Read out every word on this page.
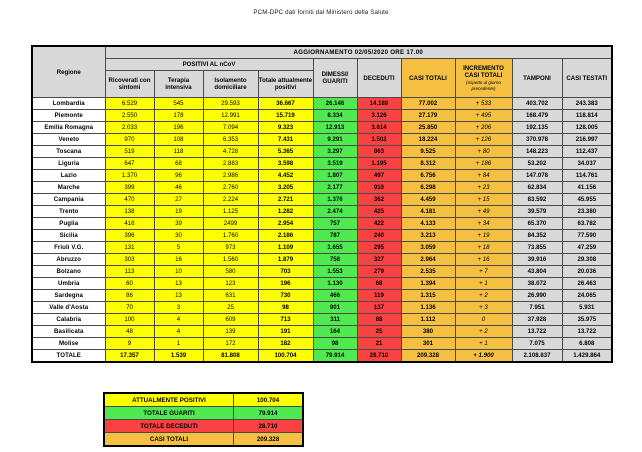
PCM-DPC dati forniti dal Ministero della Salute
Regione	AGGIORNAMENTO 02/05/2020 ORE 17.00									
	POSITIVI AL nCoV				DIMESSI/ GUARITI	DECEDUTI	CASI TOTALI	INCREMENTO CASI TOTALI
(rispetto al giorno precedente)	TAMPONI	CASI TESTATI
	Ricoverati con sintomi	Terapia intensiva	Isolamento domiciliare	Totale attualmente positivi						
Lombardia	6.529	545	29.593	36.667	26.146	14.189	77.002	+ 533	403.702	243.383
Piemonte	2.550	178	12.991	15.719	8.334	3.126	27.179	+ 495	168.479	118.814
Emilia Romagna	2.033	196	7.094	9.323	12.913	3.614	25.850	+ 206	192.135	128.005
Veneto	970	108	6.353	7.431	9.291	1.502	18.224	+ 126	370.978	216.997
Toscana	519	118	4.728	5.365	3.297	863	9.525	+ 80	148.223	112.437
Liguria	647	68	2.883	3.598	3.519	1.195	8.312	+ 186	53.202	34.037
Lazio	1.370	96	2.986	4.452	1.807	497	6.756	+ 84	147.078	114.761
Marche	399	46	2.760	3.205	2.177	916	6.298	+ 23	62.834	41.156
Campania	470	27	2.224	2.721	1.376	362	4.459	+ 15	83.592	45.955
Trento	138	19	1.125	1.282	2.474	425	4.181	+ 49	39.579	23.380
Puglia	416	39	2499	2.954	757	422	4.133	+ 34	65.370	63.782
Sicilia	396	30	1.760	2.186	787	240	3.213	+ 19	84.352	77.590
Friuli V.G.	131	5	973	1.109	1.655	295	3.059	+ 18	73.855	47.259
Abruzzo	303	16	1.560	1.879	758	327	2.964	+ 16	39.916	29.308
Bolzano	113	10	580	703	1.553	279	2.535	+ 7	43.804	20.036
Umbria	60	13	123	196	1.130	68	1.394	+ 1	38.072	26.463
Sardegna	86	13	631	730	466	119	1.315	+ 2	26.990	24.065
Valle d'Aosta	70	3	25	98	901	137	1.136	+ 3	7.951	5.931
Calabria	100	4	609	713	311	88	1.112	0	37.928	35.975
Basilicata	48	4	139	191	164	25	380	+ 2	13.722	13.722
Molise	9	1	172	182	98	21	301	+ 1	7.075	6.808
TOTALE	17.357	1.539	81.808	100.704	79.914	28.710	209.328	+ 1.900	2.108.837	1.429.864
ATTUALMENTE POSITIVI	100.704
TOTALE GUARITI	79.914
TOTALE DECEDUTI	28.710
CASI TOTALI	209.328
